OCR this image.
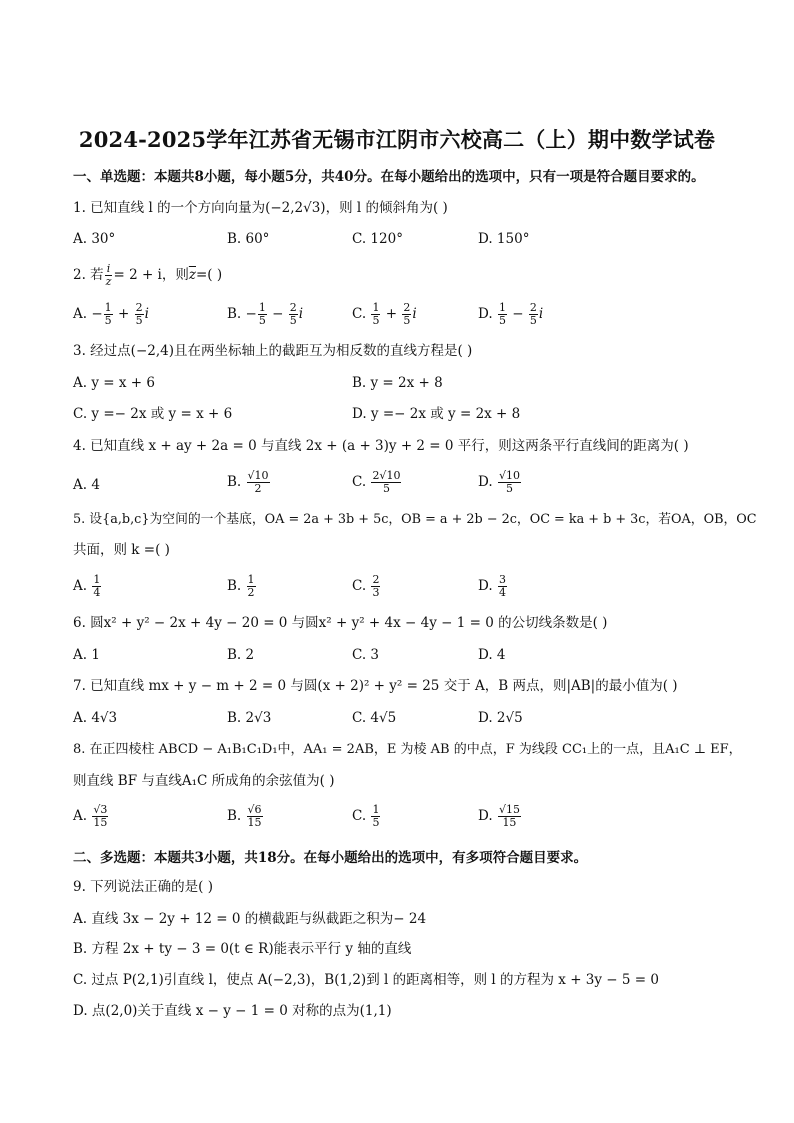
2024-2025学年江苏省无锡市江阴市六校高二（上）期中数学试卷
一、单选题：本题共8小题，每小题5分，共40分。在每小题给出的选项中，只有一项是符合题目要求的。
1. 已知直线 l 的一个方向向量为(−2,2√3)，则 l 的倾斜角为( )
A. 30°	B. 60°	C. 120°	D. 150°
2. 若 $\frac{i}{z} = 2 + i$，则$\overline{z}=$( )
A. − $\frac{1}{5} + \frac{2}{5}$ i	B. − $\frac{1}{5} - \frac{2}{5}$ i	C. $\frac{1}{5} + \frac{2}{5}$ i	D. $\frac{1}{5} - \frac{2}{5}$ i
3. 经过点(−2,4)且在两坐标轴上的截距互为相反数的直线方程是( )
A. y = x + 6	B. y = 2x + 8
C. y =− 2x 或 y = x + 6	D. y =− 2x 或 y = 2x + 8
4. 已知直线 x + ay + 2a = 0 与直线 2x + (a + 3)y + 2 = 0 平行，则这两条平行直线间的距离为( )
A. 4	B. $\frac{√10}{2}$	C. $\frac{2√10}{5}$	D. $\frac{√10}{5}$
5. 设{a,b,c}为空间的一个基底，OA = 2a + 3b + 5c，OB = a + 2b − 2c，OC = ka + b + 3c，若OA，OB，OC
共面，则 k =( )
A. $\frac{1}{4}$	B. $\frac{1}{2}$	C. $\frac{2}{3}$	D. $\frac{3}{4}$
6. 圆x² + y² − 2x + 4y − 20 = 0 与圆x² + y² + 4x − 4y − 1 = 0 的公切线条数是( )
A. 1	B. 2	C. 3	D. 4
7. 已知直线 mx + y − m + 2 = 0 与圆(x + 2)² + y² = 25 交于 A，B 两点，则|AB|的最小值为( )
A. 4√3	B. 2√3	C. 4√5	D. 2√5
8. 在正四棱柱 ABCD − A₁B₁C₁D₁中，AA₁ = 2AB，E 为棱 AB 的中点，F 为线段 CC₁上的一点，且A₁C ⊥ EF，
则直线 BF 与直线A₁C 所成角的余弦值为( )
A. $\frac{√3}{15}$	B. $\frac{√6}{15}$	C. $\frac{1}{5}$	D. $\frac{√15}{15}$
二、多选题：本题共3小题，共18分。在每小题给出的选项中，有多项符合题目要求。
9. 下列说法正确的是( )
A. 直线 3x − 2y + 12 = 0 的横截距与纵截距之积为− 24
B. 方程 2x + ty − 3 = 0(t ∈ R)能表示平行 y 轴的直线
C. 过点 P(2,1)引直线 l，使点 A(−2,3)，B(1,2)到 l 的距离相等，则 l 的方程为 x + 3y − 5 = 0
D. 点(2,0)关于直线 x − y − 1 = 0 对称的点为(1,1)
